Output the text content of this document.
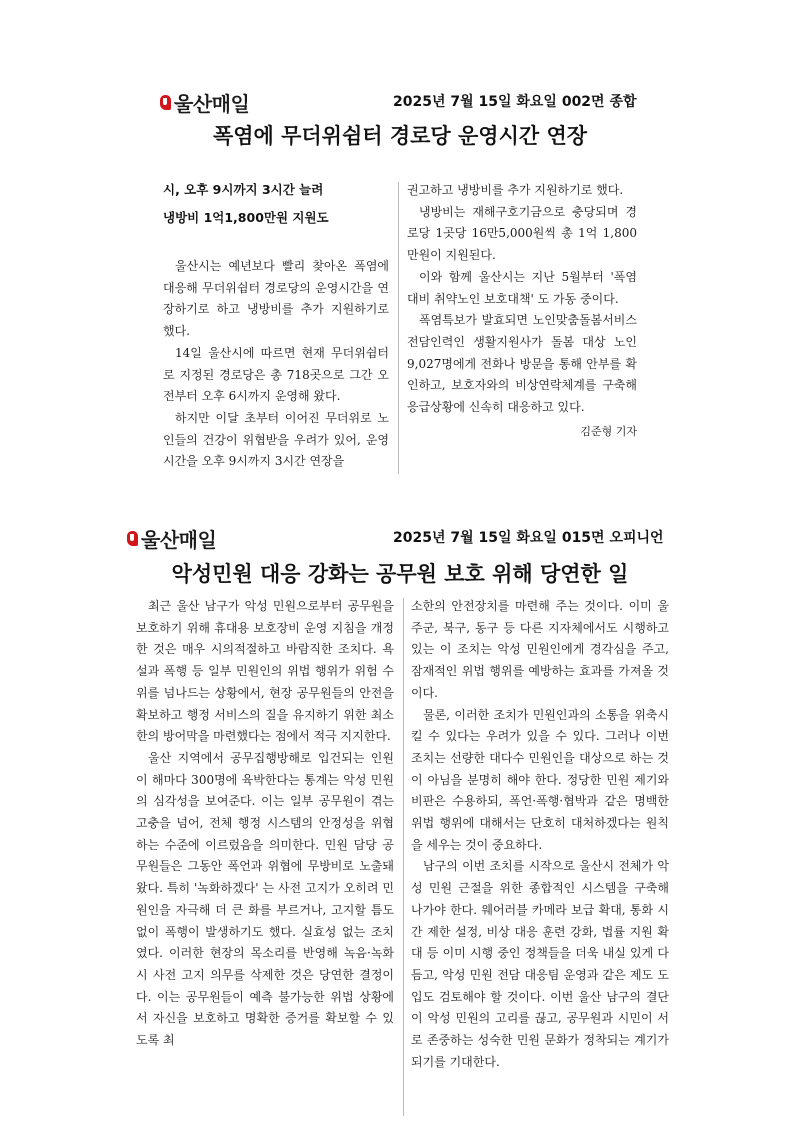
울산매일	2025년 7월 15일 화요일 002면 종합
폭염에 무더위쉼터 경로당 운영시간 연장

시, 오후 9시까지 3시간 늘려

냉방비 1억1,800만원 지원도

울산시는 예년보다 빨리 찾아온 폭염에 대응해 무더위쉼터 경로당의 운영시간을 연장하기로 하고 냉방비를 추가 지원하기로 했다.

14일 울산시에 따르면 현재 무더위쉼터로 지정된 경로당은 총 718곳으로 그간 오전부터 오후 6시까지 운영해 왔다.

하지만 이달 초부터 이어진 무더위로 노인들의 건강이 위협받을 우려가 있어, 운영시간을 오후 9시까지 3시간 연장을

권고하고 냉방비를 추가 지원하기로 했다.

냉방비는 재해구호기금으로 충당되며 경로당 1곳당 16만5,000원씩 총 1억 1,800만원이 지원된다.

이와 함께 울산시는 지난 5월부터 '폭염 대비 취약노인 보호대책' 도 가동 중이다.

폭염특보가 발효되면 노인맞춤돌봄서비스 전담인력인 생활지원사가 돌봄 대상 노인 9,027명에게 전화나 방문을 통해 안부를 확인하고, 보호자와의 비상연락체계를 구축해 응급상황에 신속히 대응하고 있다.

김준형 기자
울산매일	2025년 7월 15일 화요일 015면 오피니언
악성민원 대응 강화는 공무원 보호 위해 당연한 일

최근 울산 남구가 악성 민원으로부터 공무원을 보호하기 위해 휴대용 보호장비 운영 지침을 개정한 것은 매우 시의적절하고 바람직한 조치다. 욕설과 폭행 등 일부 민원인의 위법 행위가 위험 수위를 넘나드는 상황에서, 현장 공무원들의 안전을 확보하고 행정 서비스의 질을 유지하기 위한 최소한의 방어막을 마련했다는 점에서 적극 지지한다.

울산 지역에서 공무집행방해로 입건되는 인원이 해마다 300명에 육박한다는 통계는 악성 민원의 심각성을 보여준다. 이는 일부 공무원이 겪는 고충을 넘어, 전체 행정 시스템의 안정성을 위협하는 수준에 이르렀음을 의미한다. 민원 담당 공무원들은 그동안 폭언과 위협에 무방비로 노출돼 왔다. 특히 '녹화하겠다' 는 사전 고지가 오히려 민원인을 자극해 더 큰 화를 부르거나, 고지할 틈도 없이 폭행이 발생하기도 했다. 실효성 없는 조치였다. 이러한 현장의 목소리를 반영해 녹음·녹화 시 사전 고지 의무를 삭제한 것은 당연한 결정이다. 이는 공무원들이 예측 불가능한 위법 상황에서 자신을 보호하고 명확한 증거를 확보할 수 있도록 최

소한의 안전장치를 마련해 주는 것이다. 이미 울주군, 북구, 동구 등 다른 지자체에서도 시행하고 있는 이 조치는 악성 민원인에게 경각심을 주고, 잠재적인 위법 행위를 예방하는 효과를 가져올 것이다.

물론, 이러한 조치가 민원인과의 소통을 위축시킬 수 있다는 우려가 있을 수 있다. 그러나 이번 조치는 선량한 대다수 민원인을 대상으로 하는 것이 아님을 분명히 해야 한다. 정당한 민원 제기와 비판은 수용하되, 폭언·폭행·협박과 같은 명백한 위법 행위에 대해서는 단호히 대처하겠다는 원칙을 세우는 것이 중요하다.

남구의 이번 조치를 시작으로 울산시 전체가 악성 민원 근절을 위한 종합적인 시스템을 구축해 나가야 한다. 웨어러블 카메라 보급 확대, 통화 시간 제한 설정, 비상 대응 훈련 강화, 법률 지원 확대 등 이미 시행 중인 정책들을 더욱 내실 있게 다듬고, 악성 민원 전담 대응팀 운영과 같은 제도 도입도 검토해야 할 것이다. 이번 울산 남구의 결단이 악성 민원의 고리를 끊고, 공무원과 시민이 서로 존중하는 성숙한 민원 문화가 정착되는 계기가 되기를 기대한다.
